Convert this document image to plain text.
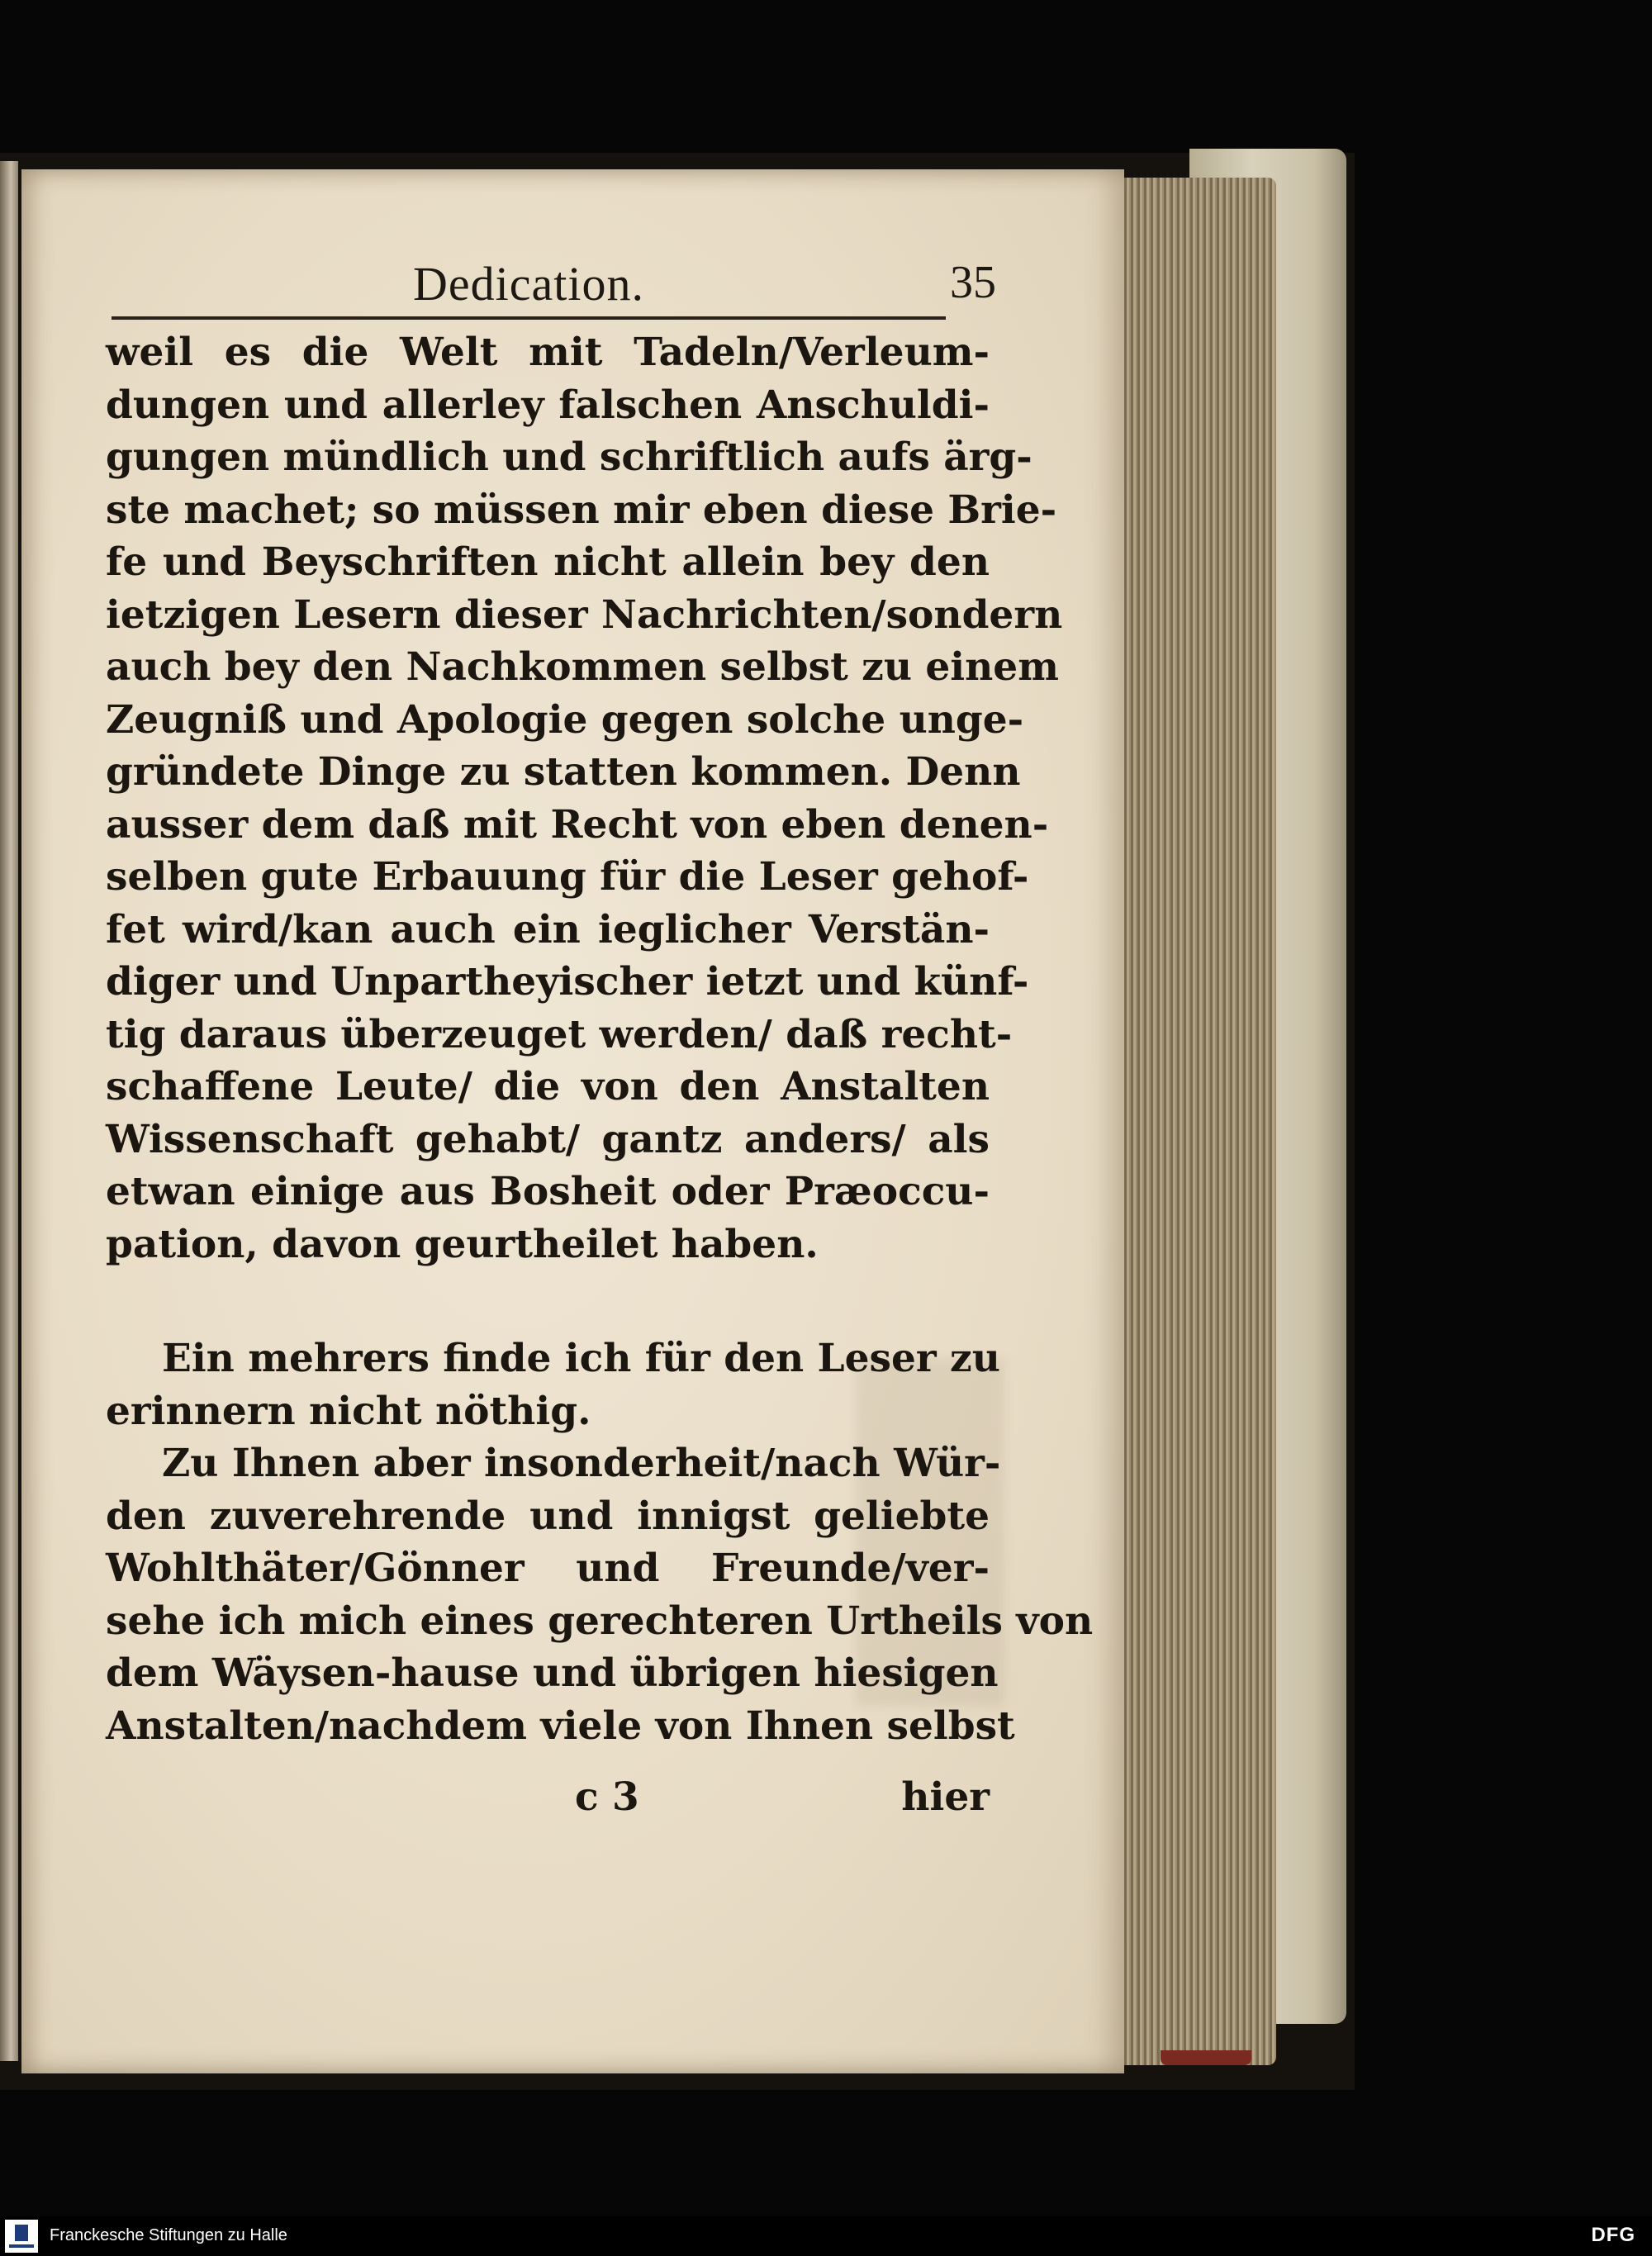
Dedication.	35
weil es die Welt mit Tadeln/Verleum-
dungen und allerley falschen Anschuldi-
gungen mündlich und schriftlich aufs ärg-
ste machet; so müssen mir eben diese Brie-
fe und Beyschriften nicht allein bey den
ietzigen Lesern dieser Nachrichten/sondern
auch bey den Nachkommen selbst zu einem
Zeugniß und Apologie gegen solche unge-
gründete Dinge zu statten kommen. Denn
ausser dem daß mit Recht von eben denen-
selben gute Erbauung für die Leser gehof-
fet wird/kan auch ein ieglicher Verstän-
diger und Unpartheyischer ietzt und künf-
tig daraus überzeuget werden/ daß recht-
schaffene Leute/ die von den Anstalten
Wissenschaft gehabt/ gantz anders/ als
etwan einige aus Bosheit oder Præoccu-
pation, davon geurtheilet haben.
Ein mehrers finde ich für den Leser zu
erinnern nicht nöthig.
Zu Ihnen aber insonderheit/nach Wür-
den zuverehrende und innigst geliebte
Wohlthäter/Gönner und Freunde/ver-
sehe ich mich eines gerechteren Urtheils von
dem Wäysen-hause und übrigen hiesigen
Anstalten/nachdem viele von Ihnen selbst
c 3	hier
Franckesche Stiftungen zu Halle	DFG
